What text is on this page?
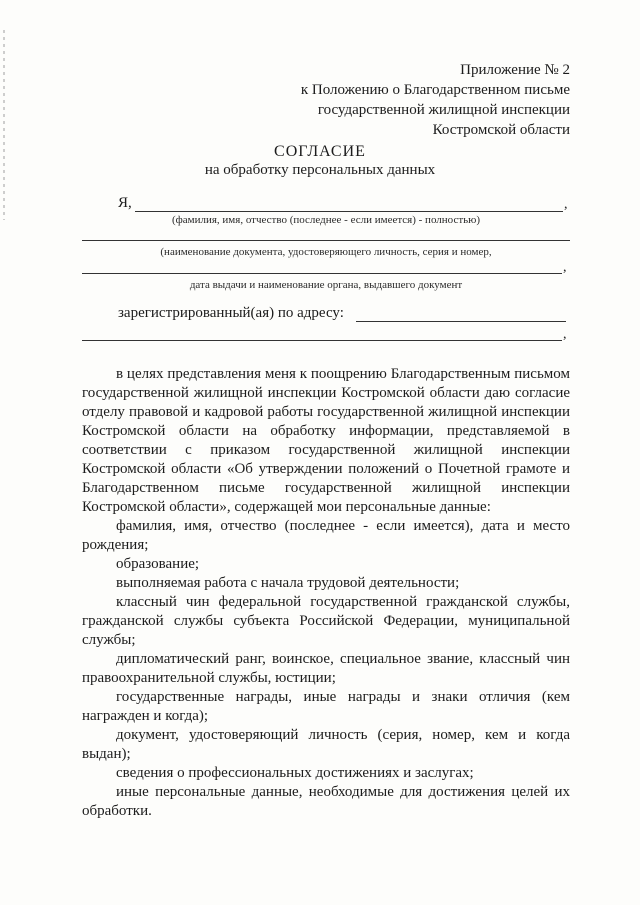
Приложение № 2
к Положению о Благодарственном письме
государственной жилищной инспекции
Костромской области
СОГЛАСИЕ
на обработку персональных данных
Я,	,
(фамилия, имя, отчество (последнее - если имеется) - полностью)
(наименование документа, удостоверяющего личность, серия и номер,
,
дата выдачи и наименование органа, выдавшего документ
зарегистрированный(ая) по адресу:
,

в целях представления меня к поощрению Благодарственным письмом государственной жилищной инспекции Костромской области даю согласие отделу правовой и кадровой работы государственной жилищной инспекции Костромской области на обработку информации, представляемой в соответствии с приказом государственной жилищной инспекции Костромской области «Об утверждении положений о Почетной грамоте и Благодарственном письме государственной жилищной инспекции Костромской области», содержащей мои персональные данные:

фамилия, имя, отчество (последнее - если имеется), дата и место рождения;

образование;

выполняемая работа с начала трудовой деятельности;

классный чин федеральной государственной гражданской службы, гражданской службы субъекта Российской Федерации, муниципальной службы;

дипломатический ранг, воинское, специальное звание, классный чин правоохранительной службы, юстиции;

государственные награды, иные награды и знаки отличия (кем награжден и когда);

документ, удостоверяющий личность (серия, номер, кем и когда выдан);

сведения о профессиональных достижениях и заслугах;

иные персональные данные, необходимые для достижения целей их обработки.
